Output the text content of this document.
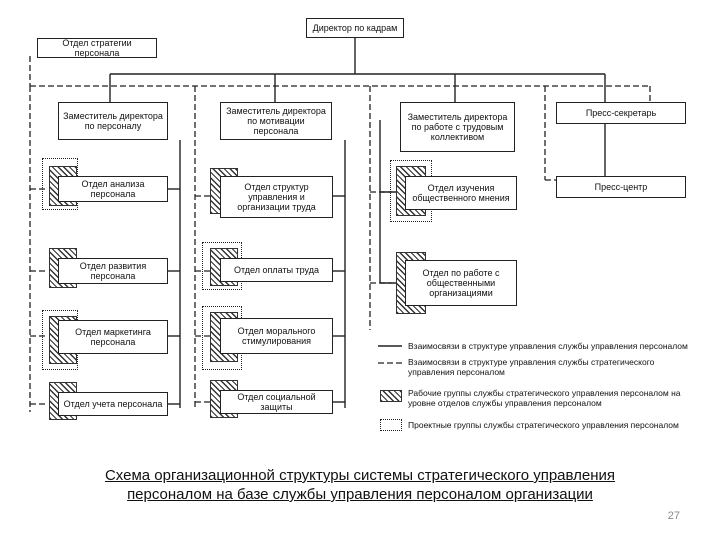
Директор по кадрам
Отдел стратегии персонала
Заместитель директора по персоналу
Заместитель директора по мотивации персонала
Заместитель директора по работе с трудовым коллективом
Пресс-секретарь
Отдел анализа персонала
Отдел развития персонала
Отдел маркетинга персонала
Отдел учета персонала
Отдел структур управления и организации труда
Отдел оплаты труда
Отдел морального стимулирования
Отдел социальной защиты
Отдел изучения общественного мнения
Отдел по работе с общественными организациями
Пресс-центр
Взаимосвязи в структуре управления службы управления персоналом
Взаимосвязи в структуре управления службы стратегического управления персоналом
Рабочие группы службы стратегического управления персоналом на уровне отделов службы управления персоналом
Проектные группы службы стратегического управления персоналом
Схема организационной структуры системы стратегического управления
персоналом на базе службы управления персоналом организации
27
